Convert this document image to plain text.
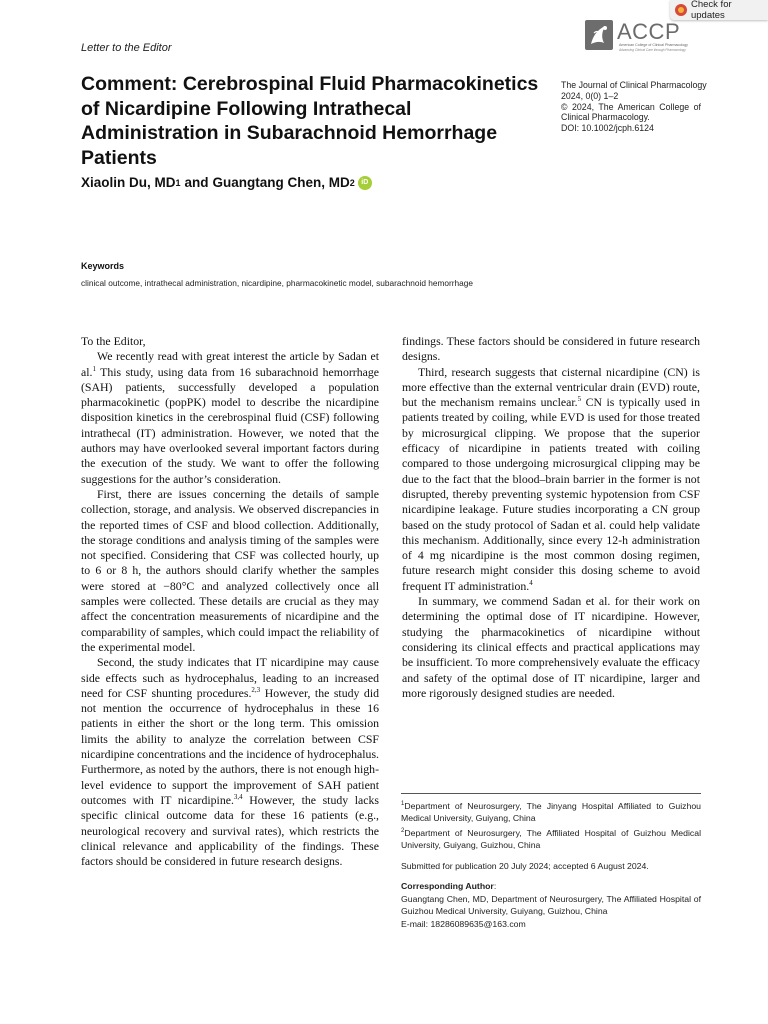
Check for updates
ACCP
American College of Clinical Pharmacology
Advancing Clinical Care through Pharmacology
Letter to the Editor
Comment: Cerebrospinal Fluid Pharmacokinetics of Nicardipine Following Intrathecal Administration in Subarachnoid Hemorrhage Patients
Xiaolin Du, MD 1 and Guangtang Chen, MD 2 iD
The Journal of Clinical Pharmacology
2024, 0(0) 1–2
© 2024, The American College of Clinical Pharmacology.
DOI: 10.1002/jcph.6124
Keywords
clinical outcome, intrathecal administration, nicardipine, pharmacokinetic model, subarachnoid hemorrhage

To the Editor,

We recently read with great interest the article by Sadan et al.$^1$ This study, using data from 16 subarachnoid hemorrhage (SAH) patients, successfully developed a population pharmacokinetic (popPK) model to describe the nicardipine disposition kinetics in the cerebrospinal fluid (CSF) following intrathecal (IT) administration. However, we noted that the authors may have overlooked several important factors during the execution of the study. We want to offer the following suggestions for the author’s consideration.

First, there are issues concerning the details of sample collection, storage, and analysis. We observed discrepancies in the reported times of CSF and blood collection. Additionally, the storage conditions and analysis timing of the samples were not specified. Considering that CSF was collected hourly, up to 6 or 8 h, the authors should clarify whether the samples were stored at −80°C and analyzed collectively once all samples were collected. These details are crucial as they may affect the concentration measurements of nicardipine and the comparability of samples, which could impact the reliability of the experimental model.

Second, the study indicates that IT nicardipine may cause side effects such as hydrocephalus, leading to an increased need for CSF shunting procedures.$^{2,3}$ However, the study did not mention the occurrence of hydrocephalus in these 16 patients in either the short or the long term. This omission limits the ability to analyze the correlation between CSF nicardipine concentrations and the incidence of hydrocephalus. Furthermore, as noted by the authors, there is not enough high-level evidence to support the improvement of SAH patient outcomes with IT nicardipine.$^{3,4}$ However, the study lacks specific clinical outcome data for these 16 patients (e.g., neurological recovery and survival rates), which restricts the clinical relevance and applicability of the findings. These factors should be considered in future research designs.

findings. These factors should be considered in future research designs.

Third, research suggests that cisternal nicardipine (CN) is more effective than the external ventricular drain (EVD) route, but the mechanism remains unclear.$^5$ CN is typically used in patients treated by coiling, while EVD is used for those treated by microsurgical clipping. We propose that the superior efficacy of nicardipine in patients treated with coiling compared to those undergoing microsurgical clipping may be due to the fact that the blood–brain barrier in the former is not disrupted, thereby preventing systemic hypotension from CSF nicardipine leakage. Future studies incorporating a CN group based on the study protocol of Sadan et al. could help validate this mechanism. Additionally, since every 12-h administration of 4 mg nicardipine is the most common dosing regimen, future research might consider this dosing scheme to avoid frequent IT administration.$^4$

In summary, we commend Sadan et al. for their work on determining the optimal dose of IT nicardipine. However, studying the pharmacokinetics of nicardipine without considering its clinical effects and practical applications may be insufficient. To more comprehensively evaluate the efficacy and safety of the optimal dose of IT nicardipine, larger and more rigorously designed studies are needed.

$^1$Department of Neurosurgery, The Jinyang Hospital Affiliated to Guizhou Medical University, Guiyang, China

$^2$Department of Neurosurgery, The Affiliated Hospital of Guizhou Medical University, Guiyang, Guizhou, China

Submitted for publication 20 July 2024; accepted 6 August 2024.

Corresponding Author:

Guangtang Chen, MD, Department of Neurosurgery, The Affiliated Hospital of Guizhou Medical University, Guiyang, Guizhou, China

E-mail: 18286089635@163.com
